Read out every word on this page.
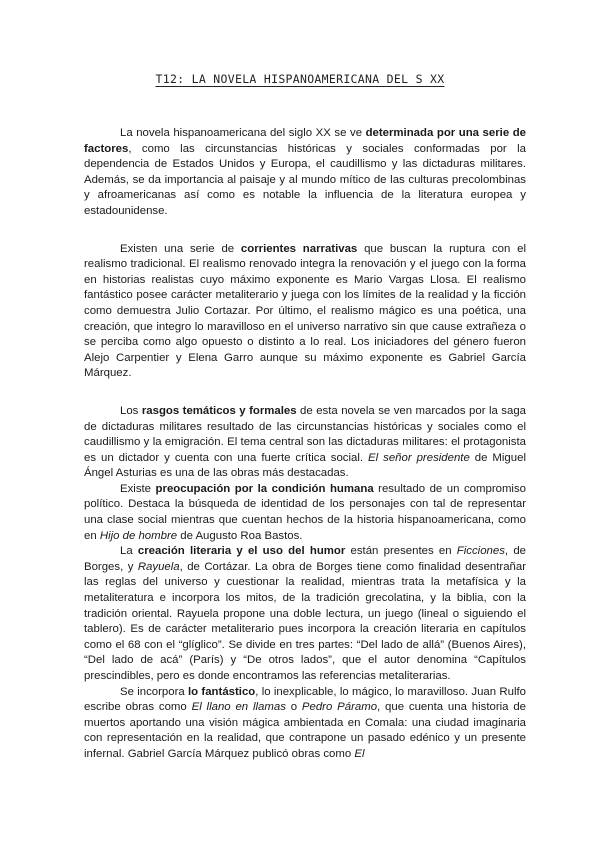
T12: LA NOVELA HISPANOAMERICANA DEL S XX

La novela hispanoamericana del siglo XX se ve determinada por una serie de factores, como las circunstancias históricas y sociales conformadas por la dependencia de Estados Unidos y Europa, el caudillismo y las dictaduras militares. Además, se da importancia al paisaje y al mundo mítico de las culturas precolombinas y afroamericanas así como es notable la influencia de la literatura europea y estadounidense.

Existen una serie de corrientes narrativas que buscan la ruptura con el realismo tradicional. El realismo renovado integra la renovación y el juego con la forma en historias realistas cuyo máximo exponente es Mario Vargas Llosa. El realismo fantástico posee carácter metaliterario y juega con los límites de la realidad y la ficción como demuestra Julio Cortazar. Por último, el realismo mágico es una poética, una creación, que integro lo maravilloso en el universo narrativo sin que cause extrañeza o se perciba como algo opuesto o distinto a lo real. Los iniciadores del género fueron Alejo Carpentier y Elena Garro aunque su máximo exponente es Gabriel García Márquez.

Los rasgos temáticos y formales de esta novela se ven marcados por la saga de dictaduras militares resultado de las circunstancias históricas y sociales como el caudillismo y la emigración. El tema central son las dictaduras militares: el protagonista es un dictador y cuenta con una fuerte crítica social. El señor presidente de Miguel Ángel Asturias es una de las obras más destacadas.

Existe preocupación por la condición humana resultado de un compromiso político. Destaca la búsqueda de identidad de los personajes con tal de representar una clase social mientras que cuentan hechos de la historia hispanoamericana, como en Hijo de hombre de Augusto Roa Bastos.

La creación literaria y el uso del humor están presentes en Ficciones, de Borges, y Rayuela, de Cortázar. La obra de Borges tiene como finalidad desentrañar las reglas del universo y cuestionar la realidad, mientras trata la metafísica y la metaliteratura e incorpora los mitos, de la tradición grecolatina, y la biblia, con la tradición oriental. Rayuela propone una doble lectura, un juego (lineal o siguiendo el tablero). Es de carácter metaliterario pues incorpora la creación literaria en capítulos como el 68 con el “glíglico”. Se divide en tres partes: “Del lado de allá” (Buenos Aires), “Del lado de acá” (París) y “De otros lados”, que el autor denomina “Capítulos prescindibles, pero es donde encontramos las referencias metaliterarias.

Se incorpora lo fantástico, lo inexplicable, lo mágico, lo maravilloso. Juan Rulfo escribe obras como El llano en llamas o Pedro Páramo, que cuenta una historia de muertos aportando una visión mágica ambientada en Comala: una ciudad imaginaria con representación en la realidad, que contrapone un pasado edénico y un presente infernal. Gabriel García Márquez publicó obras como El
